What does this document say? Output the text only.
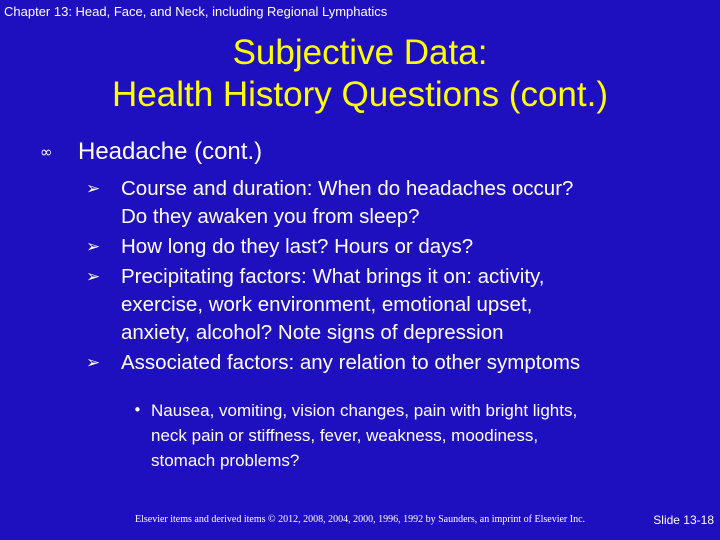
Chapter 13: Head, Face, and Neck, including Regional Lymphatics
Subjective Data:
Health History Questions (cont.)
∞	Headache (cont.)
➢	Course and duration: When do headaches occur?
Do they awaken you from sleep?
➢	How long do they last? Hours or days?
➢	Precipitating factors: What brings it on: activity,
exercise, work environment, emotional upset,
anxiety, alcohol? Note signs of depression
➢	Associated factors: any relation to other symptoms
• Nausea, vomiting, vision changes, pain with bright lights,
neck pain or stiffness, fever, weakness, moodiness,
stomach problems?
Elsevier items and derived items © 2012, 2008, 2004, 2000, 1996, 1992 by Saunders, an imprint of Elsevier Inc.	Slide 13-18
